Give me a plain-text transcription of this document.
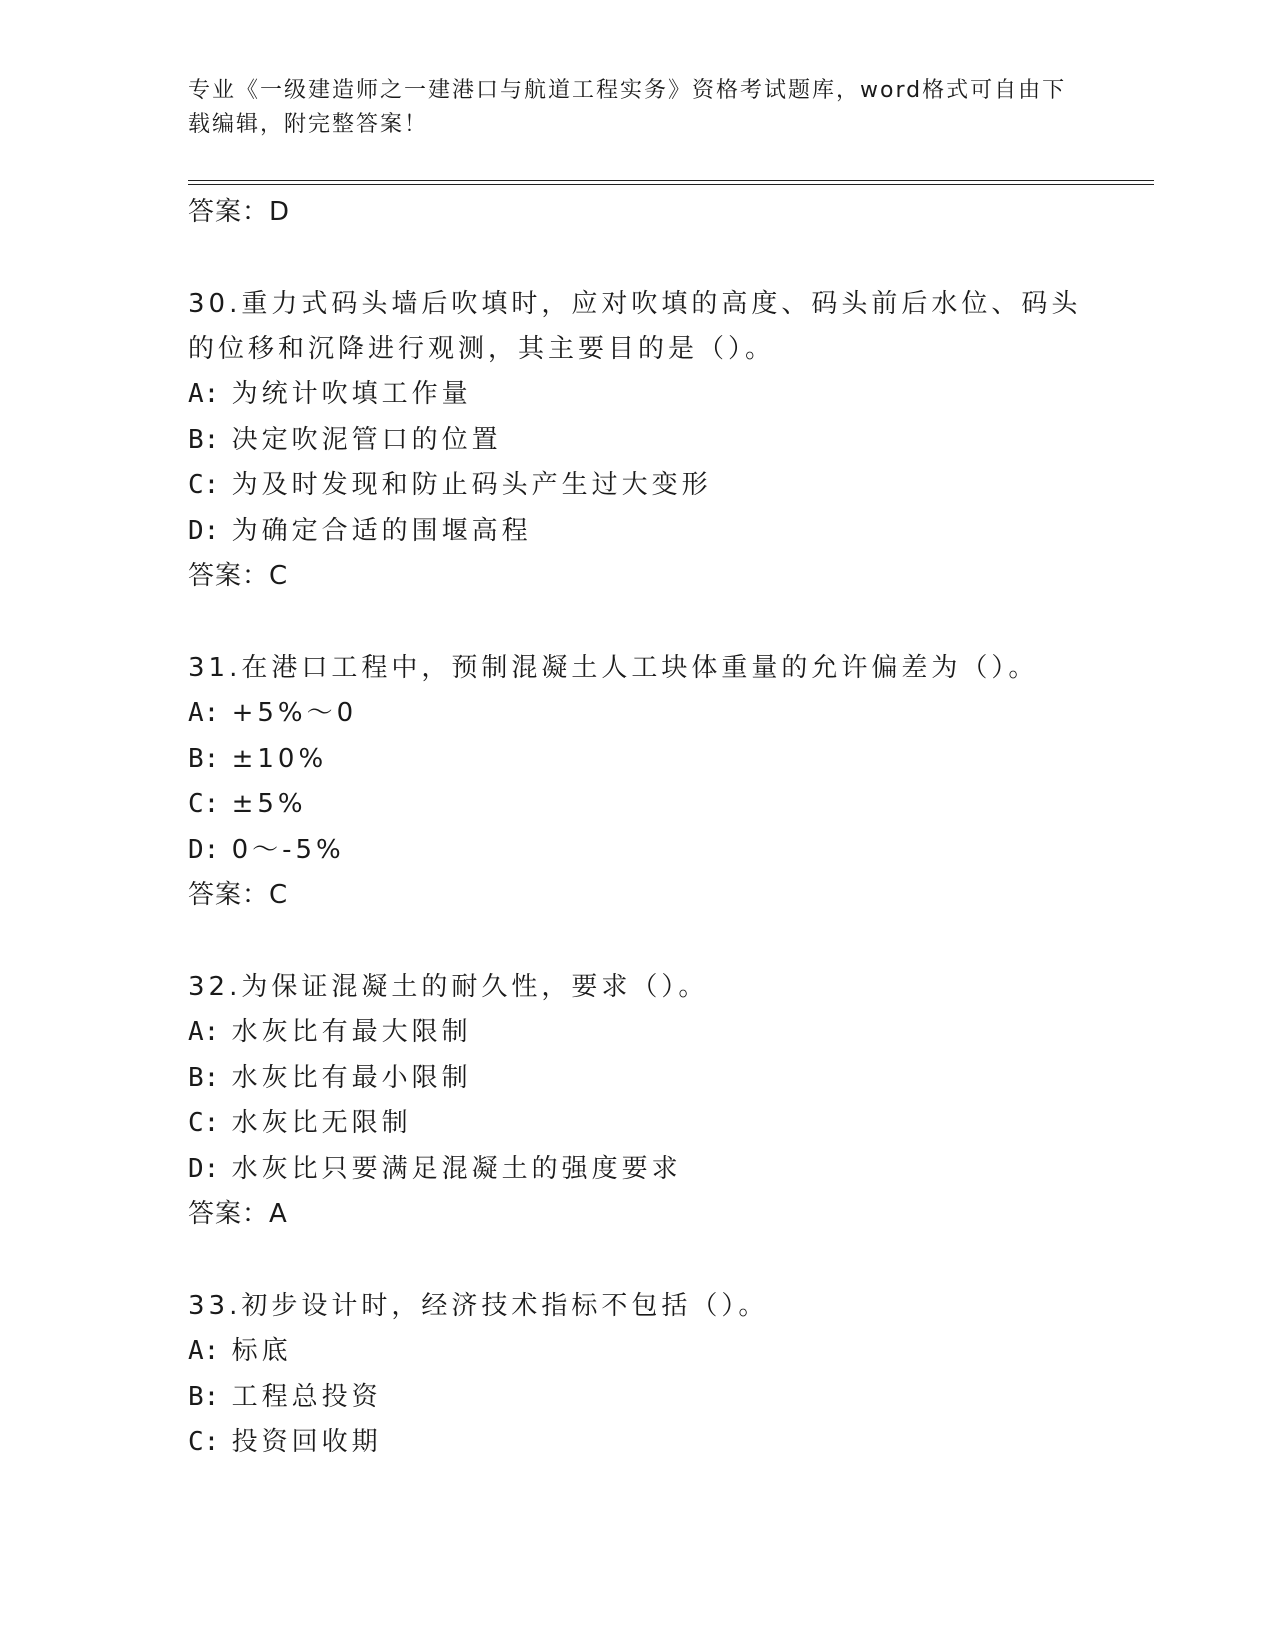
专业《一级建造师之一建港口与航道工程实务》资格考试题库，word格式可自由下载编辑，附完整答案！
答案：D
30.重力式码头墙后吹填时，应对吹填的高度、码头前后水位、码头的位移和沉降进行观测，其主要目的是（）。
A: 为统计吹填工作量
B: 决定吹泥管口的位置
C: 为及时发现和防止码头产生过大变形
D: 为确定合适的围堰高程
答案：C
31.在港口工程中，预制混凝土人工块体重量的允许偏差为（）。
A: +5%～0
B: ±10%
C: ±5%
D: 0～-5%
答案：C
32.为保证混凝土的耐久性，要求（）。
A: 水灰比有最大限制
B: 水灰比有最小限制
C: 水灰比无限制
D: 水灰比只要满足混凝土的强度要求
答案：A
33.初步设计时，经济技术指标不包括（）。
A: 标底
B: 工程总投资
C: 投资回收期
